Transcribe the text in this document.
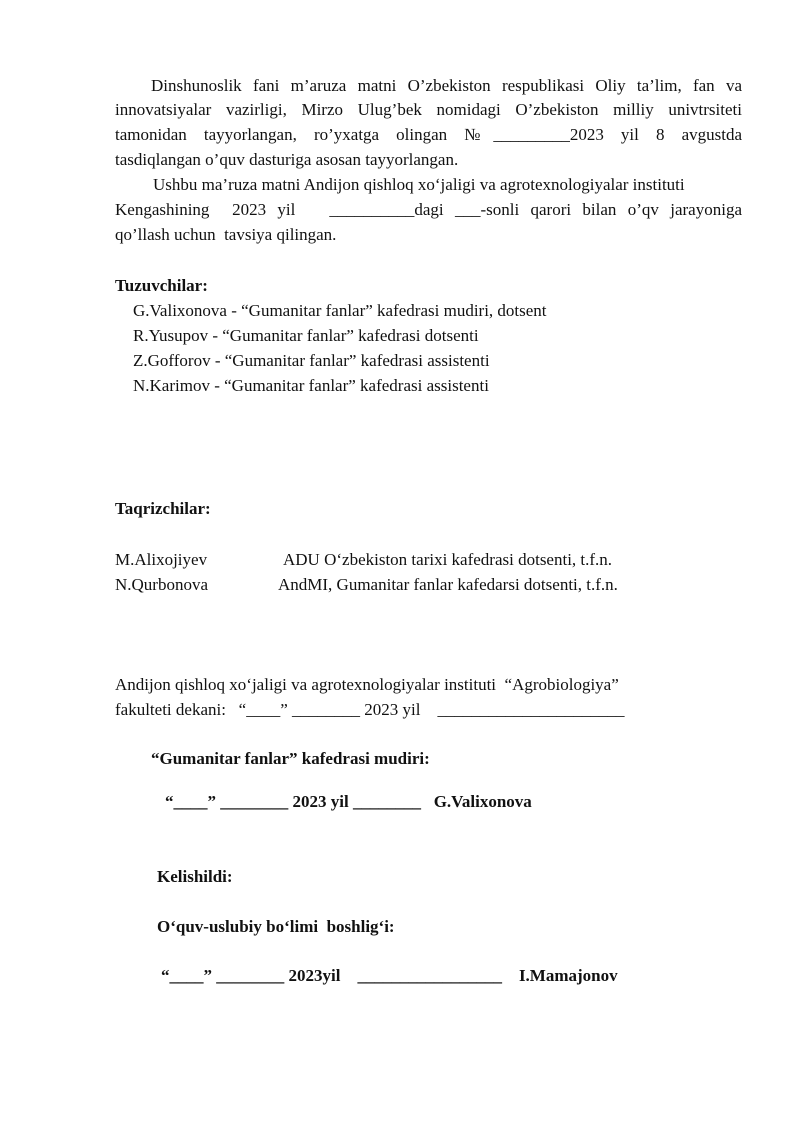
Dinshunoslik fani m’aruza matni O’zbekiston respublikasi Oliy ta’lim, fan va
innovatsiyalar vazirligi, Mirzo Ulug’bek nomidagi O’zbekiston milliy univtrsiteti
tamonidan tayyorlangan, ro’yxatga olingan №_________2023 yil 8 avgustda
tasdiqlangan o’quv dasturiga asosan tayyorlangan.
Ushbu ma’ruza matni Andijon qishloq xo‘jaligi va agrotexnologiyalar instituti
Kengashining  2023 yil   __________dagi ___-sonli qarori bilan o’qv jarayoniga
qo’llash uchun  tavsiya qilingan.
Tuzuvchilar:
G.Valixonova - “Gumanitar fanlar” kafedrasi mudiri, dotsent
R.Yusupov - “Gumanitar fanlar” kafedrasi dotsenti
Z.Gofforov - “Gumanitar fanlar” kafedrasi assistenti
N.Karimov - “Gumanitar fanlar” kafedrasi assistenti
Taqrizchilar:

M.Alixojiyev

	ADU O‘zbekiston tarixi kafedrasi dotsenti, t.f.n.

N.Qurbonova

	AndMI, Gumanitar fanlar kafedarsi dotsenti, t.f.n.

Andijon qishloq xo‘jaligi va agrotexnologiyalar instituti  “Agrobiologiya”
fakulteti dekani:   “____” ________ 2023 yil    ______________________
“Gumanitar fanlar” kafedrasi mudiri:
“____” ________ 2023 yil ________   G.Valixonova
Kelishildi:
O‘quv-uslubiy bo‘limi  boshlig‘i:
“____” ________ 2023yil    _________________    I.Mamajonov
